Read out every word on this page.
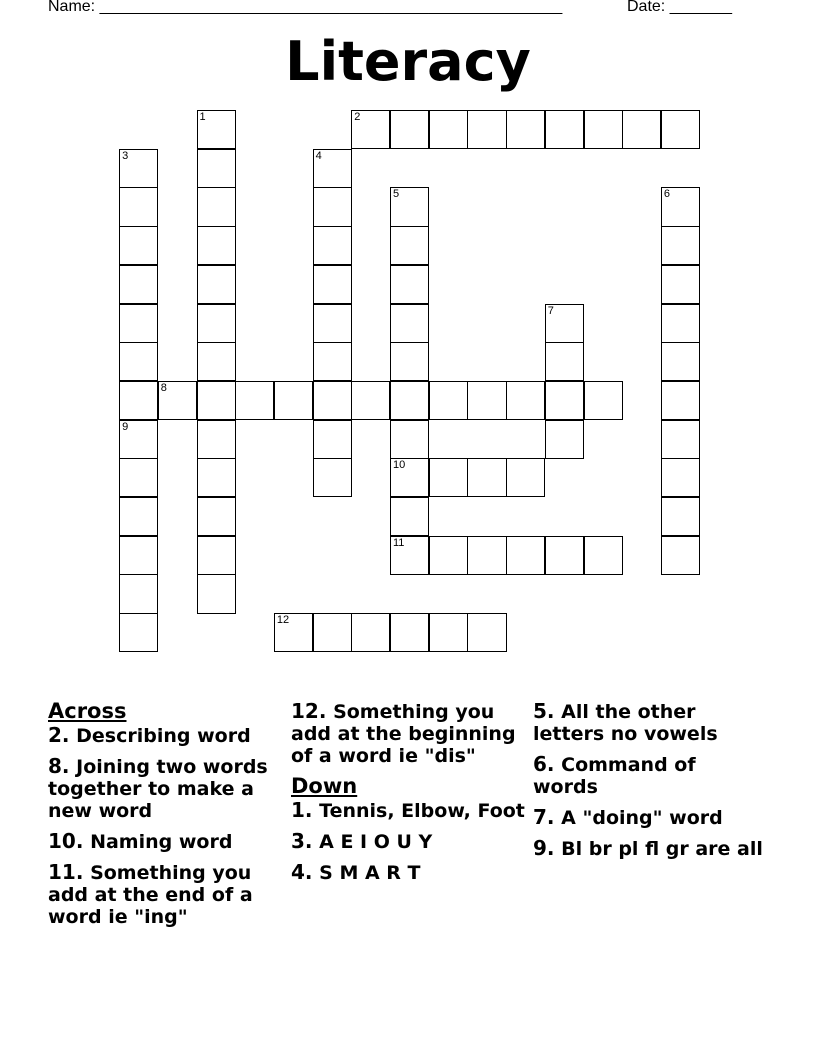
Name: ____________________________________________________	Date: _______
Literacy
1	2
3
9
4
5
10
11
6
7
8
12
Across
2. Describing word
8. Joining two words together to make a new word
10. Naming word
11. Something you add at the end of a word ie "ing"
12. Something you add at the beginning of a word ie "dis"
Down
1. Tennis, Elbow, Foot
3. A E I O U Y
4. S M A R T
5. All the other letters no vowels
6. Command of words
7. A "doing" word
9. Bl br pl fl gr are all
